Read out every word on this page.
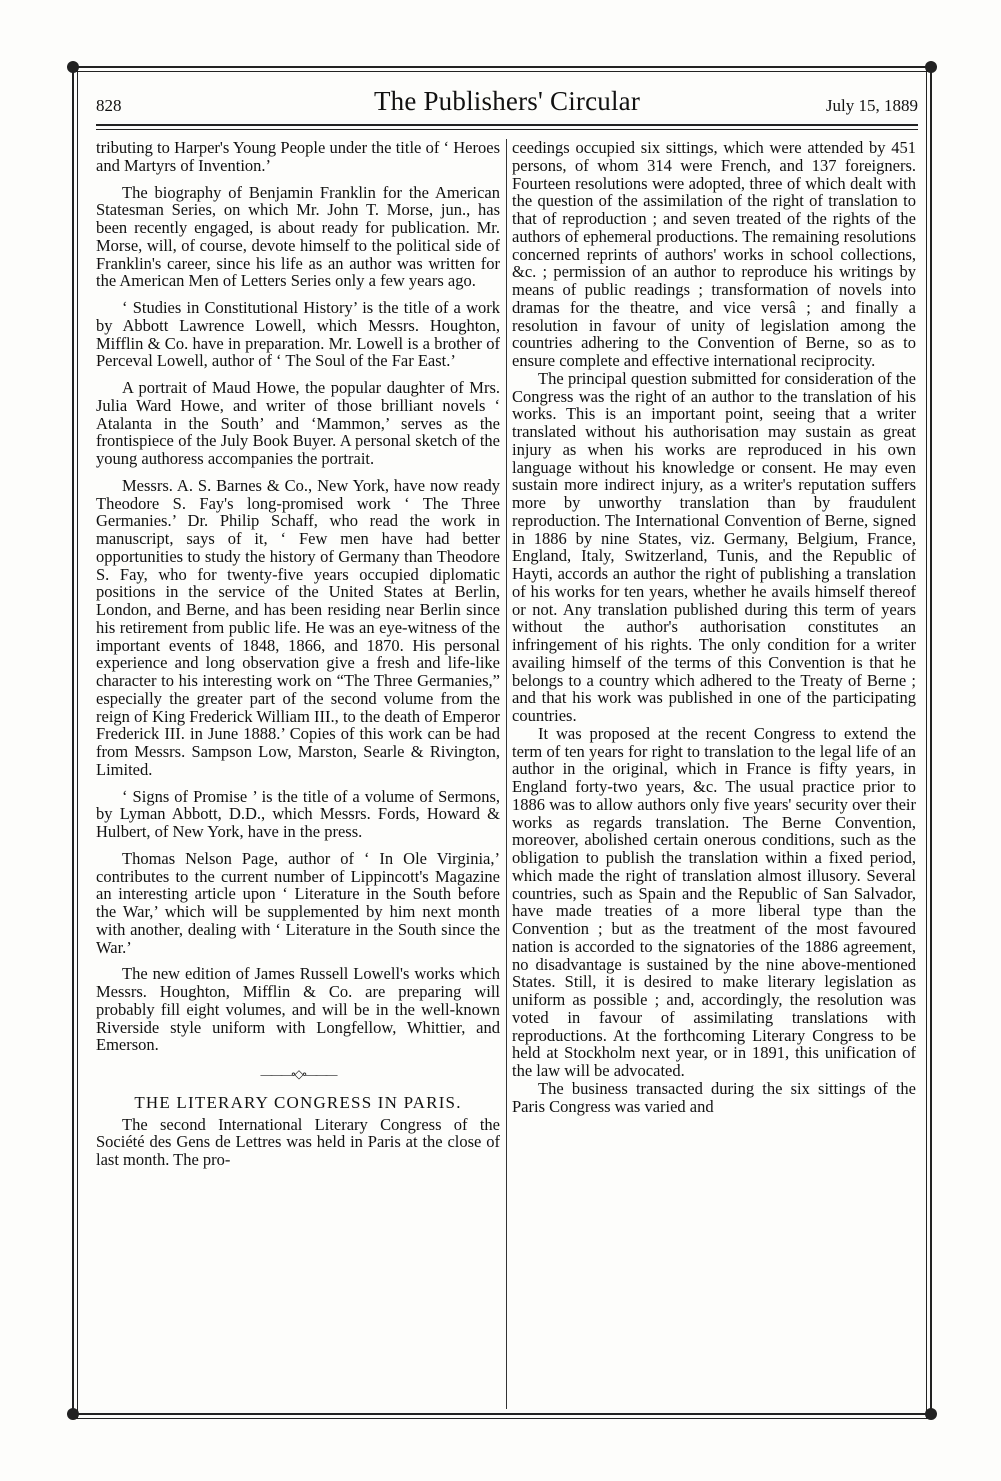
828	The Publishers' Circular	July 15, 1889

tributing to Harper's Young People under the title of ‘ Heroes and Martyrs of Invention.’

The biography of Benjamin Franklin for the American Statesman Series, on which Mr. John T. Morse, jun., has been recently engaged, is about ready for publication. Mr. Morse, will, of course, devote himself to the political side of Franklin's career, since his life as an author was written for the American Men of Letters Series only a few years ago.

‘ Studies in Constitutional History’ is the title of a work by Abbott Lawrence Lowell, which Messrs. Houghton, Mifflin & Co. have in preparation. Mr. Lowell is a brother of Perceval Lowell, author of ‘ The Soul of the Far East.’

A portrait of Maud Howe, the popular daughter of Mrs. Julia Ward Howe, and writer of those brilliant novels ‘ Atalanta in the South’ and ‘Mammon,’ serves as the frontispiece of the July Book Buyer. A personal sketch of the young authoress accompanies the portrait.

Messrs. A. S. Barnes & Co., New York, have now ready Theodore S. Fay's long-promised work ‘ The Three Germanies.’ Dr. Philip Schaff, who read the work in manuscript, says of it, ‘ Few men have had better opportunities to study the history of Germany than Theodore S. Fay, who for twenty-five years occupied diplomatic positions in the service of the United States at Berlin, London, and Berne, and has been residing near Berlin since his retirement from public life. He was an eye-witness of the important events of 1848, 1866, and 1870. His personal experience and long observation give a fresh and life-like character to his interesting work on “The Three Germanies,” especially the greater part of the second volume from the reign of King Frederick William III., to the death of Emperor Frederick III. in June 1888.’ Copies of this work can be had from Messrs. Sampson Low, Marston, Searle & Rivington, Limited.

‘ Signs of Promise ’ is the title of a volume of Sermons, by Lyman Abbott, D.D., which Messrs. Fords, Howard & Hulbert, of New York, have in the press.

Thomas Nelson Page, author of ‘ In Ole Virginia,’ contributes to the current number of Lippincott's Magazine an interesting article upon ‘ Literature in the South before the War,’ which will be supplemented by him next month with another, dealing with ‘ Literature in the South since the War.’

The new edition of James Russell Lowell's works which Messrs. Houghton, Mifflin & Co. are preparing will probably fill eight volumes, and will be in the well-known Riverside style uniform with Longfellow, Whittier, and Emerson.

———∘◇∘———
THE LITERARY CONGRESS IN PARIS.

The second International Literary Congress of the Société des Gens de Lettres was held in Paris at the close of last month. The pro-

ceedings occupied six sittings, which were attended by 451 persons, of whom 314 were French, and 137 foreigners. Fourteen resolutions were adopted, three of which dealt with the question of the assimilation of the right of translation to that of reproduction ; and seven treated of the rights of the authors of ephemeral productions. The remaining resolutions concerned reprints of authors' works in school collections, &c. ; permission of an author to reproduce his writings by means of public readings ; transformation of novels into dramas for the theatre, and vice versâ ; and finally a resolution in favour of unity of legislation among the countries adhering to the Convention of Berne, so as to ensure complete and effective international reciprocity.

The principal question submitted for consideration of the Congress was the right of an author to the translation of his works. This is an important point, seeing that a writer translated without his authorisation may sustain as great injury as when his works are reproduced in his own language without his knowledge or consent. He may even sustain more indirect injury, as a writer's reputation suffers more by unworthy translation than by fraudulent reproduction. The International Convention of Berne, signed in 1886 by nine States, viz. Germany, Belgium, France, England, Italy, Switzerland, Tunis, and the Republic of Hayti, accords an author the right of publishing a translation of his works for ten years, whether he avails himself thereof or not. Any translation published during this term of years without the author's authorisation constitutes an infringement of his rights. The only condition for a writer availing himself of the terms of this Convention is that he belongs to a country which adhered to the Treaty of Berne ; and that his work was published in one of the participating countries.

It was proposed at the recent Congress to extend the term of ten years for right to translation to the legal life of an author in the original, which in France is fifty years, in England forty-two years, &c. The usual practice prior to 1886 was to allow authors only five years' security over their works as regards translation. The Berne Convention, moreover, abolished certain onerous conditions, such as the obligation to publish the translation within a fixed period, which made the right of translation almost illusory. Several countries, such as Spain and the Republic of San Salvador, have made treaties of a more liberal type than the Convention ; but as the treatment of the most favoured nation is accorded to the signatories of the 1886 agreement, no disadvantage is sustained by the nine above-mentioned States. Still, it is desired to make literary legislation as uniform as possible ; and, accordingly, the resolution was voted in favour of assimilating translations with reproductions. At the forthcoming Literary Congress to be held at Stockholm next year, or in 1891, this unification of the law will be advocated.

The business transacted during the six sittings of the Paris Congress was varied and
